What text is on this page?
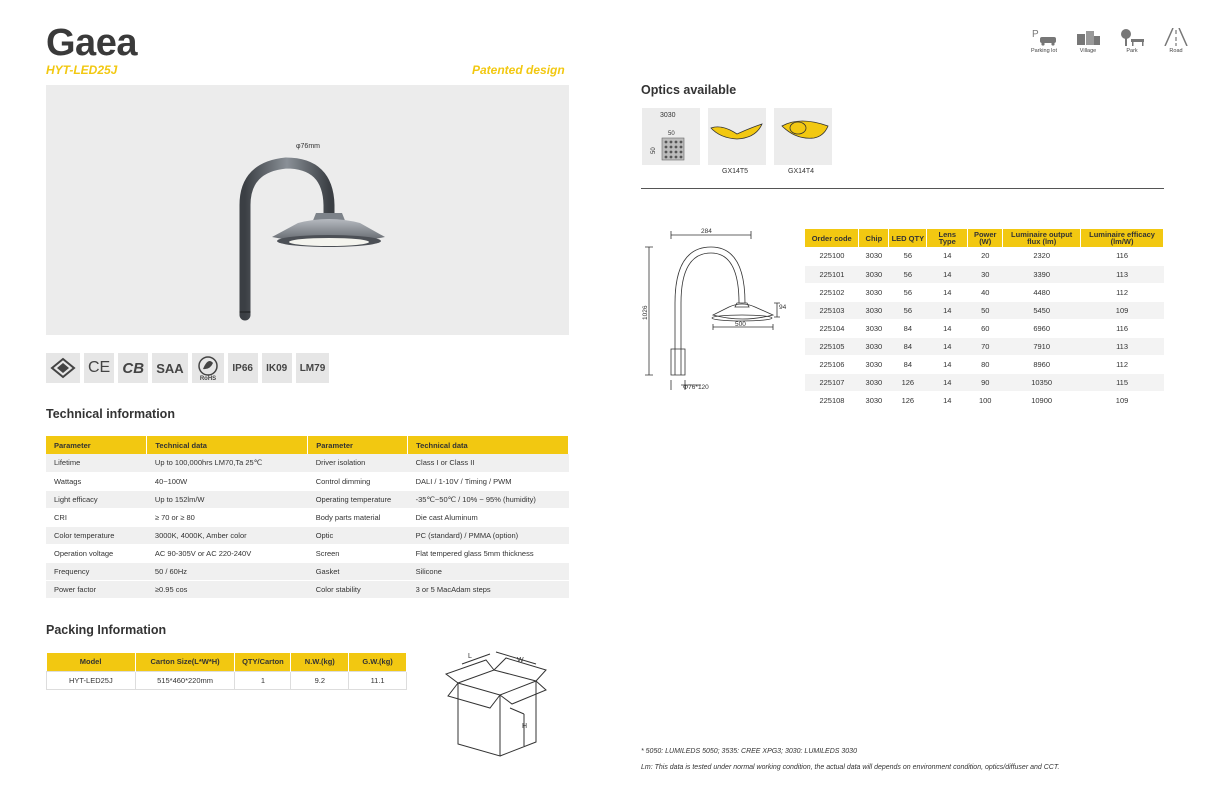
Gaea
HYT-LED25J	Patented design
φ76mm
CE CB SAA
RoHS
IP66	IK09	LM79
Technical information
Parameter	Technical data	Parameter	Technical data
Lifetime	Up to 100,000hrs LM70,Ta 25℃	Driver isolation	Class I or Class II
Wattags	40~100W	Control dimming	DALI / 1-10V / Timing / PWM
Light efficacy	Up to 152lm/W	Operating temperature	-35℃~50℃ / 10% ~ 95% (humidity)
CRI	≥ 70 or ≥ 80	Body parts material	Die cast Aluminum
Color temperature	3000K, 4000K, Amber color	Optic	PC (standard) / PMMA (option)
Operation voltage	AC 90-305V or AC 220-240V	Screen	Flat tempered glass 5mm thickness
Frequency	50 / 60Hz	Gasket	Silicone
Power factor	≥0.95 cos	Color stability	3 or 5 MacAdam steps
Packing Information
Model	Carton Size(L*W*H)	QTY/Carton	N.W.(kg)	G.W.(kg)
HYT-LED25J	515*460*220mm	1	9.2	11.1
L
W
H
P
Parking lot	Village	Park	Road
Optics available
3030
50
50
GX14T5	GX14T4
284
1026	94
500
Φ76*120
Order code	Chip	LED QTY	Lens Type	Power (W)	Luminaire output flux (lm)	Luminaire efficacy (lm/W)
225100	3030	56	14	20	2320	116
225101	3030	56	14	30	3390	113
225102	3030	56	14	40	4480	112
225103	3030	56	14	50	5450	109
225104	3030	84	14	60	6960	116
225105	3030	84	14	70	7910	113
225106	3030	84	14	80	8960	112
225107	3030	126	14	90	10350	115
225108	3030	126	14	100	10900	109
* 5050: LUMILEDS 5050; 3535: CREE XPG3; 3030: LUMILEDS 3030
Lm: This data is tested under normal working condition, the actual data will depends on environment condition, optics/diffuser and CCT.
